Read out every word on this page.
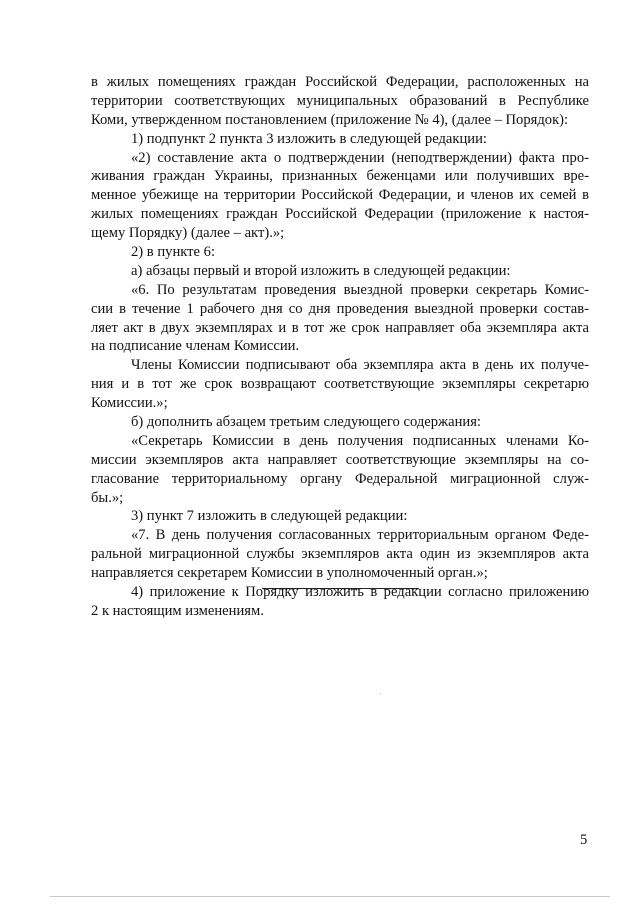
в жилых помещениях граждан Российской Федерации, расположенных на
территории соответствующих муниципальных образований в Республике
Коми, утвержденном постановлением (приложение № 4), (далее – Порядок):
1) подпункт 2 пункта 3 изложить в следующей редакции:
«2) составление акта о подтверждении (неподтверждении) факта про-
живания граждан Украины, признанных беженцами или получивших вре-
менное убежище на территории Российской Федерации, и членов их семей в
жилых помещениях граждан Российской Федерации (приложение к настоя-
щему Порядку) (далее – акт).»;
2) в пункте 6:
а) абзацы первый и второй изложить в следующей редакции:
«6. По результатам проведения выездной проверки секретарь Комис-
сии в течение 1 рабочего дня со дня проведения выездной проверки состав-
ляет акт в двух экземплярах и в тот же срок направляет оба экземпляра акта
на подписание членам Комиссии.
Члены Комиссии подписывают оба экземпляра акта в день их получе-
ния и в тот же срок возвращают соответствующие экземпляры секретарю
Комиссии.»;
б) дополнить абзацем третьим следующего содержания:
«Секретарь Комиссии в день получения подписанных членами Ко-
миссии экземпляров акта направляет соответствующие экземпляры на со-
гласование территориальному органу Федеральной миграционной служ-
бы.»;
3) пункт 7 изложить в следующей редакции:
«7. В день получения согласованных территориальным органом Феде-
ральной миграционной службы экземпляров акта один из экземпляров акта
направляется секретарем Комиссии в уполномоченный орган.»;
4) приложение к Порядку изложить в редакции согласно приложению
2 к настоящим изменениям.
5
